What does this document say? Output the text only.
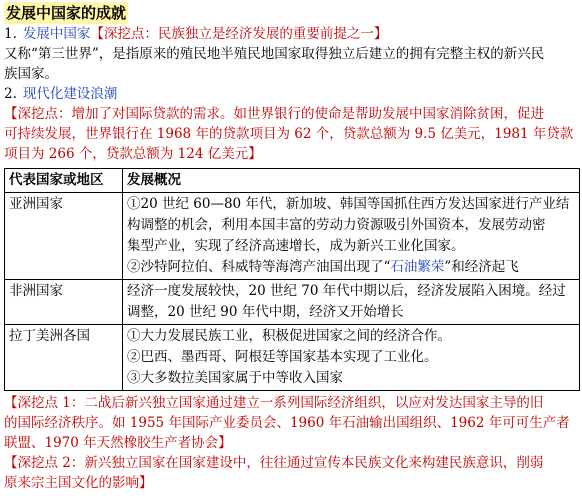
发展中国家的成就
1. 发展中国家【深挖点：民族独立是经济发展的重要前提之一】
又称“第三世界”，是指原来的殖民地半殖民地国家取得独立后建立的拥有完整主权的新兴民
族国家。
2. 现代化建设浪潮
【深挖点：增加了对国际贷款的需求。如世界银行的使命是帮助发展中国家消除贫困，促进
可持续发展，世界银行在 1968 年的贷款项目为 62 个，贷款总额为 9.5 亿美元，1981 年贷款
项目为 266 个，贷款总额为 124 亿美元】
代表国家或地区	发展概况
亚洲国家	①20 世纪 60—80 年代，新加坡、韩国等国抓住西方发达国家进行产业结
构调整的机会，利用本国丰富的劳动力资源吸引外国资本，发展劳动密
集型产业，实现了经济高速增长，成为新兴工业化国家。
②沙特阿拉伯、科威特等海湾产油国出现了“石油繁荣”和经济起飞

非洲国家	经济一度发展较快，20 世纪 70 年代中期以后，经济发展陷入困境。经过
调整，20 世纪 90 年代中期，经济又开始增长

拉丁美洲各国	①大力发展民族工业，积极促进国家之间的经济合作。
②巴西、墨西哥、阿根廷等国家基本实现了工业化。
③大多数拉美国家属于中等收入国家
【深挖点 1：二战后新兴独立国家通过建立一系列国际经济组织，以应对发达国家主导的旧
的国际经济秩序。如 1955 年国际产业委员会、1960 年石油输出国组织、1962 年可可生产者
联盟、1970 年天然橡胶生产者协会】
【深挖点 2：新兴独立国家在国家建设中，往往通过宣传本民族文化来构建民族意识，削弱
原来宗主国文化的影响】
